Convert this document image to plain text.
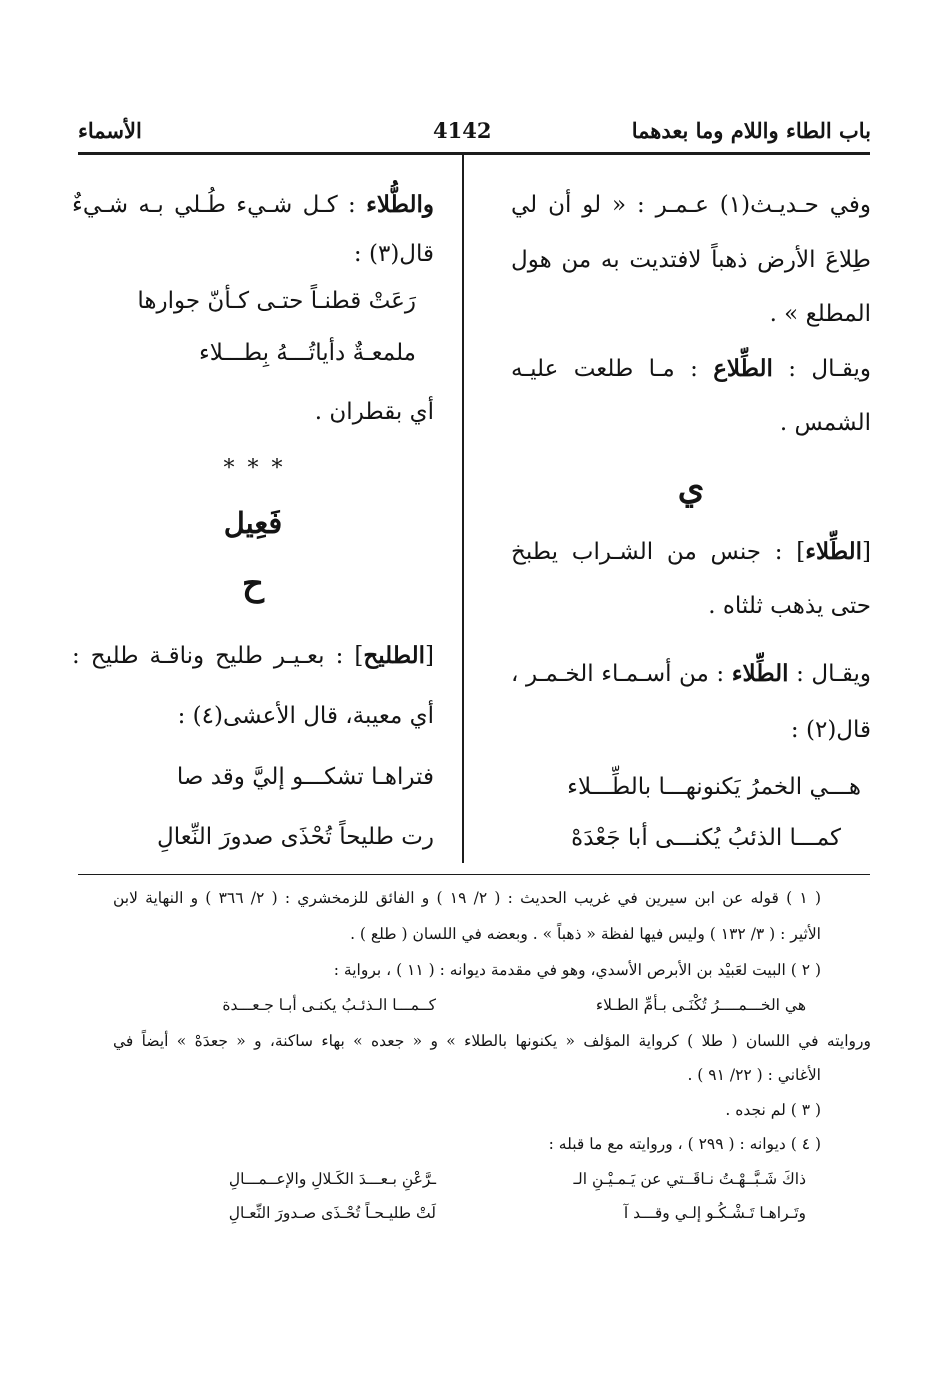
باب الطاء واللام وما بعدهما
4142
الأسماء
وفي حـديـث(١) عـمـر : « لو أن لي
طِلاعَ الأرض ذهباً لافتديت به من هول
المطلع » .
ويقـال : الطِّلاع : مـا طلعت عليـه
الشمس .
ي
[الطِّلاء] : جنس من الشـراب يطبخ
حتى يذهب ثلثاه .
ويقـال : الطِّلاء : من أسـمـاء الخـمـر ،
قال(٢) :
هـــي الخمرُ يَكنونهـــا بالطِّـــلاء
كمـــا الذئبُ يُكنـــى أبا جَعْدَهْ
والطُّلاء : كـل شـيء طُـلي بـه شـيءٌ
قال(٣) :
رَعَتْ قطنـاً حتـى كـأنّ جوارها
ملمعـةٌ دأياتُـــهُ بِطـــلاء
أي بقطران .
* * *
فَعِيل
ح
[الطليح] : بعـيـر طليح وناقـة طليح :
أي معيبة، قال الأعشى(٤) :
فتراهـا تشكـــو إليَّ وقد صا
رت طليحاً تُحْذَى صدورَ النِّعالِ
( ١ ) قوله عن ابن سيرين في غريب الحديث : ( ٢/ ١٩ ) و الفائق للزمخشري : ( ٢/ ٣٦٦ ) و النهاية لابن
الأثير : ( ٣/ ١٣٢ ) وليس فيها لفظة « ذهباً » . وبعضه في اللسان ( طلع ) .
( ٢ ) البيت لعَبيْد بن الأبرص الأسدي، وهو في مقدمة ديوانه : ( ١١ ) ، برواية :
هي الخـــمــــرُ تُكْنَـى بـأمِّ الطـلاء
كــمـــا الـذئـبُ يكنـى أبـا جـعـــدة
وروايته في اللسان ( طلا ) كرواية المؤلف « يكنونها بالطلاء » و « جعده » بهاء ساكنة، و « جعدَهْ » أيضاً في
الأغاني : ( ٢٢/ ٩١ ) .
( ٣ ) لم نجده .
( ٤ ) ديوانه : ( ٢٩٩ ) ، وروايته مع ما قبله :
ذاكَ شَـبَّــهْـتُ نـاقَــتي عن يَـمـيْـنِ الـ
ـرَّعْنِ بـعـــدَ الكَـلالِ والإعــمـــالِ
وتَـراهـا تَـشْـكُـو إلـي وقـــد آ
لَتْ طليـحـاً تُحْـذَى صـدورَ النِّعـالِ
